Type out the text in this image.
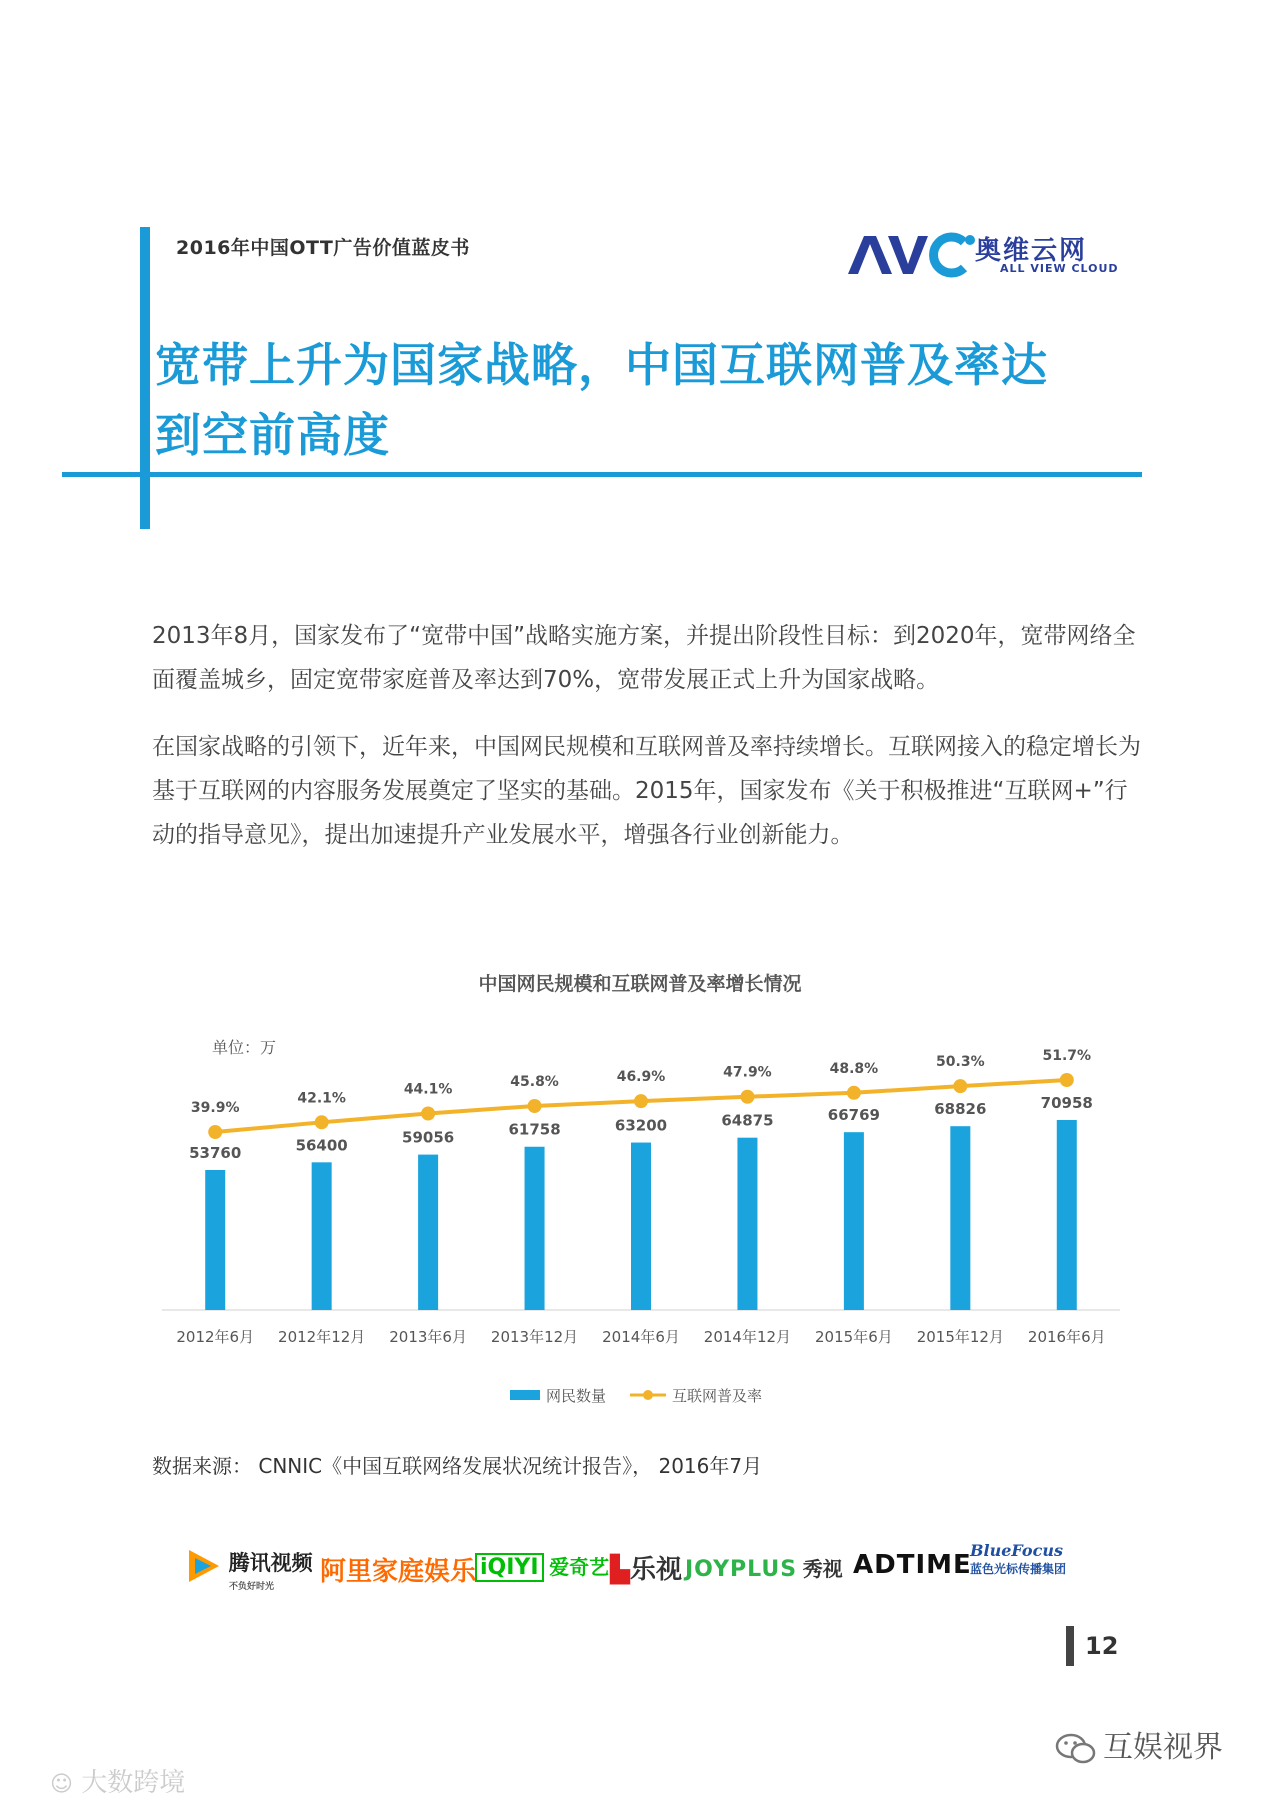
2016年中国OTT广告价值蓝皮书	奥维云网
ALL VIEW CLOUD
宽带上升为国家战略，中国互联网普及率达
到空前高度
2013年8月，国家发布了“宽带中国”战略实施方案，并提出阶段性目标：到2020年，宽带网络全面覆盖城乡，固定宽带家庭普及率达到70%，宽带发展正式上升为国家战略。
在国家战略的引领下，近年来，中国网民规模和互联网普及率持续增长。互联网接入的稳定增长为基于互联网的内容服务发展奠定了坚实的基础。2015年，国家发布《关于积极推进“互联网+”行动的指导意见》，提出加速提升产业发展水平，增强各行业创新能力。
中国网民规模和互联网普及率增长情况
单位：万
53760	56400	59056	61758	63200	64875	66769	68826	70958
39.9%
42.1%
44.1%	45.8%	46.9%	47.9%	48.8%	50.3%	51.7%
2012年6月 2012年12月 2013年6月 2013年12月 2014年6月 2014年12月 2015年6月 2015年12月 2016年6月
网民数量	互联网普及率
数据来源： CNNIC《中国互联网络发展状况统计报告》， 2016年7月
腾讯视频
不负好时光 阿里家庭娱乐 iQIYI 爱奇艺 ▙乐视 JOYPLUS 秀视 ADTIME
BlueFocus
蓝色光标传播集团
12
互娱视界
☺ 大数跨境
